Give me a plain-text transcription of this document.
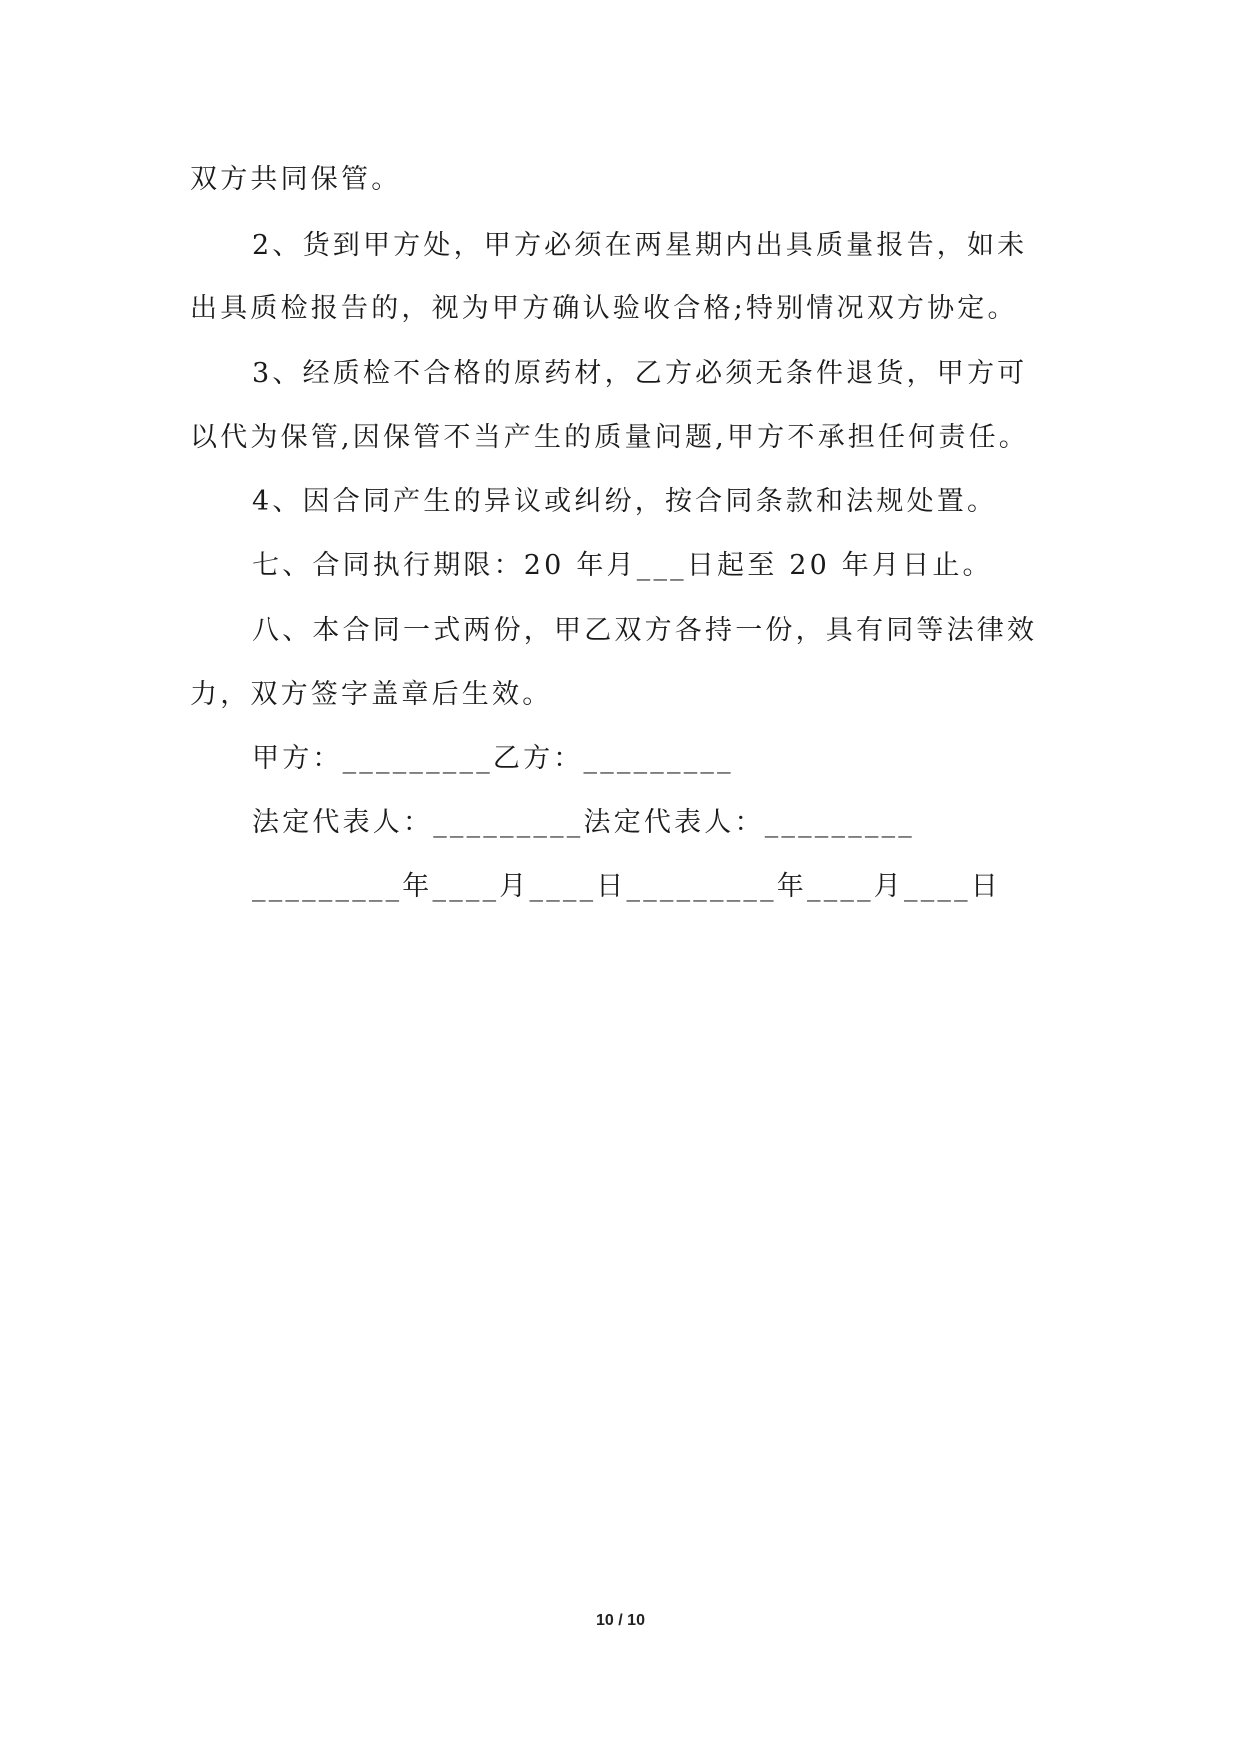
双方共同保管。
2、货到甲方处，甲方必须在两星期内出具质量报告，如未
出具质检报告的，视为甲方确认验收合格;特别情况双方协定。
3、经质检不合格的原药材，乙方必须无条件退货，甲方可
以代为保管,因保管不当产生的质量问题,甲方不承担任何责任。
4、因合同产生的异议或纠纷，按合同条款和法规处置。
七、合同执行期限：20 年月___日起至 20 年月日止。
八、本合同一式两份，甲乙双方各持一份，具有同等法律效
力，双方签字盖章后生效。
甲方：_________乙方：_________
法定代表人：_________法定代表人：_________
_________年____月____日_________年____月____日
10 / 10
